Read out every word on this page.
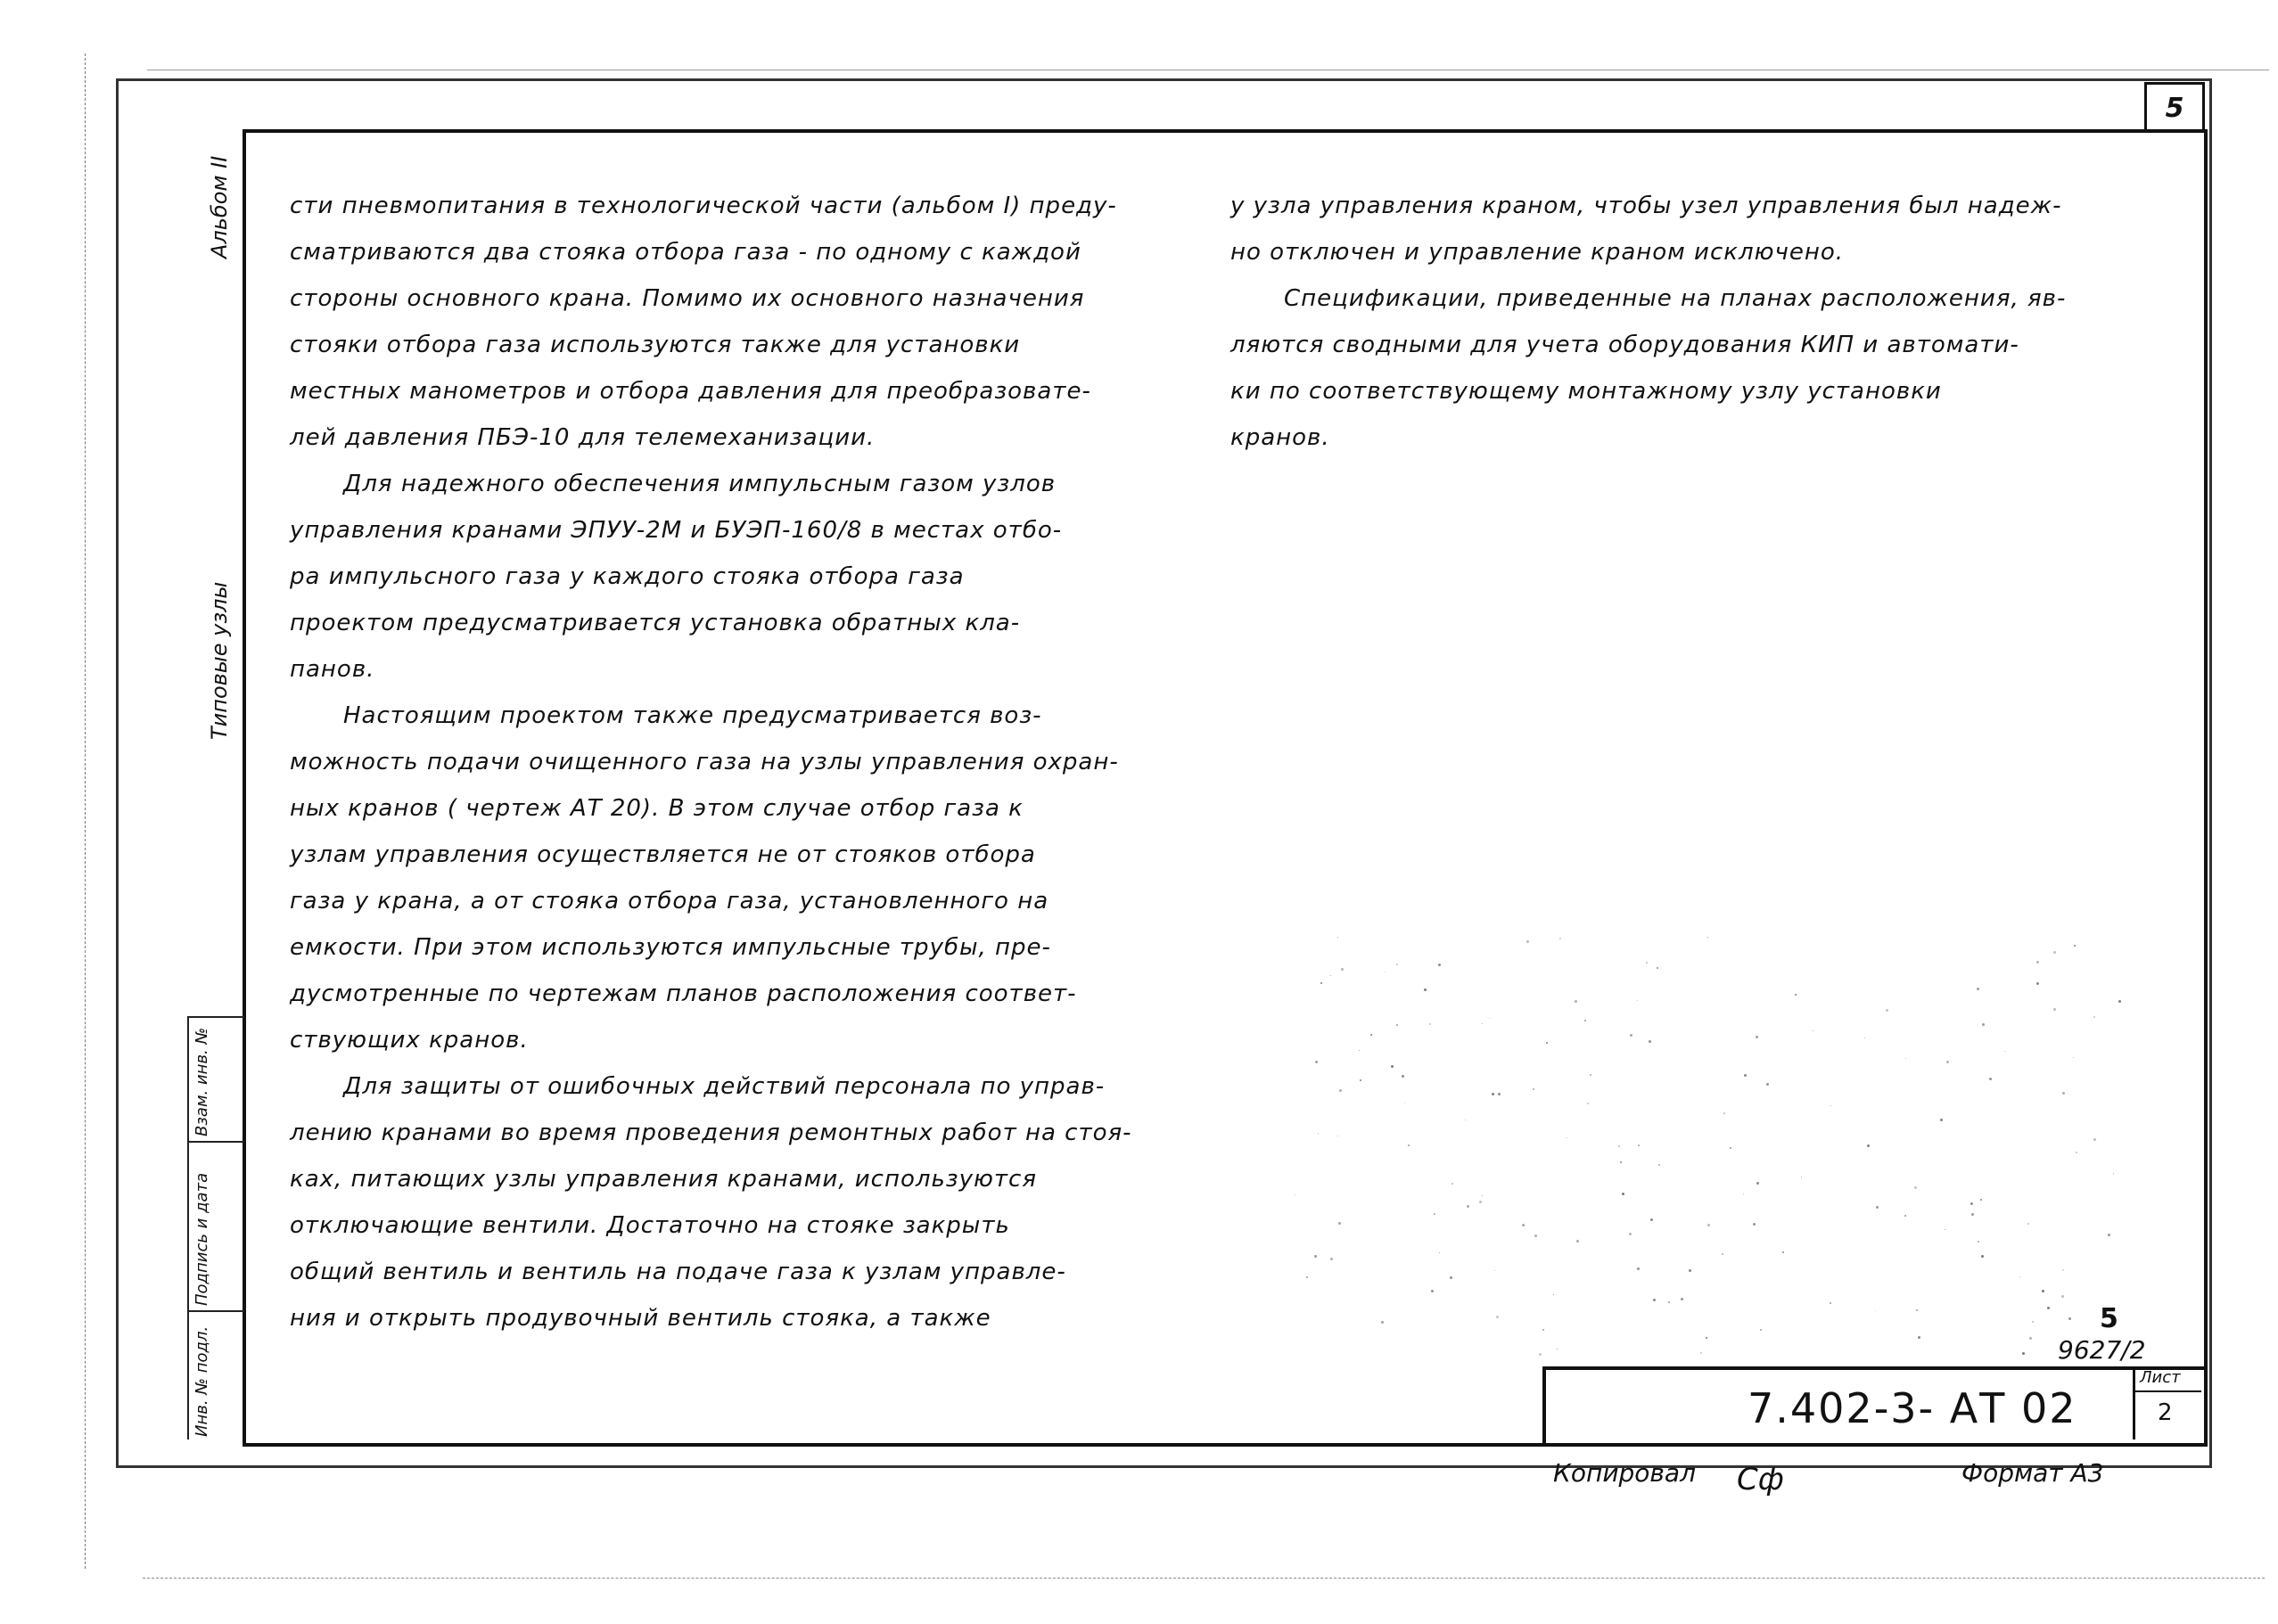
5
Альбом II
Типовые узлы
Инв. № подл.
Подпись и дата
Взам. инв. №
сти пневмопитания в технологической части (альбом I) преду-
сматриваются два стояка отбора газа - по одному с каждой
стороны основного крана. Помимо их основного назначения
стояки отбора газа используются также для установки
местных манометров и отбора давления для преобразовате-
лей давления ПБЭ-10 для телемеханизации.
Для надежного обеспечения импульсным газом узлов
управления кранами ЭПУУ-2М и БУЭП-160/8 в местах отбо-
ра импульсного газа у каждого стояка отбора газа
проектом предусматривается установка обратных кла-
панов.
Настоящим проектом также предусматривается воз-
можность подачи очищенного газа на узлы управления охран-
ных кранов ( чертеж АТ 20). В этом случае отбор газа к
узлам управления осуществляется не от стояков отбора
газа у крана, а от стояка отбора газа, установленного на
емкости. При этом используются импульсные трубы, пре-
дусмотренные по чертежам планов расположения соответ-
ствующих кранов.
Для защиты от ошибочных действий персонала по управ-
лению кранами во время проведения ремонтных работ на стоя-
ках, питающих узлы управления кранами, используются
отключающие вентили. Достаточно на стояке закрыть
общий вентиль и вентиль на подаче газа к узлам управле-
ния и открыть продувочный вентиль стояка, а также
у узла управления краном, чтобы узел управления был надеж-
но отключен и управление краном исключено.
Спецификации, приведенные на планах расположения, яв-
ляются сводными для учета оборудования КИП и автомати-
ки по соответствующему монтажному узлу установки
кранов.
5
9627/2
7.402-3- АТ 02
Лист
2
Копировал Сф	Формат А3
